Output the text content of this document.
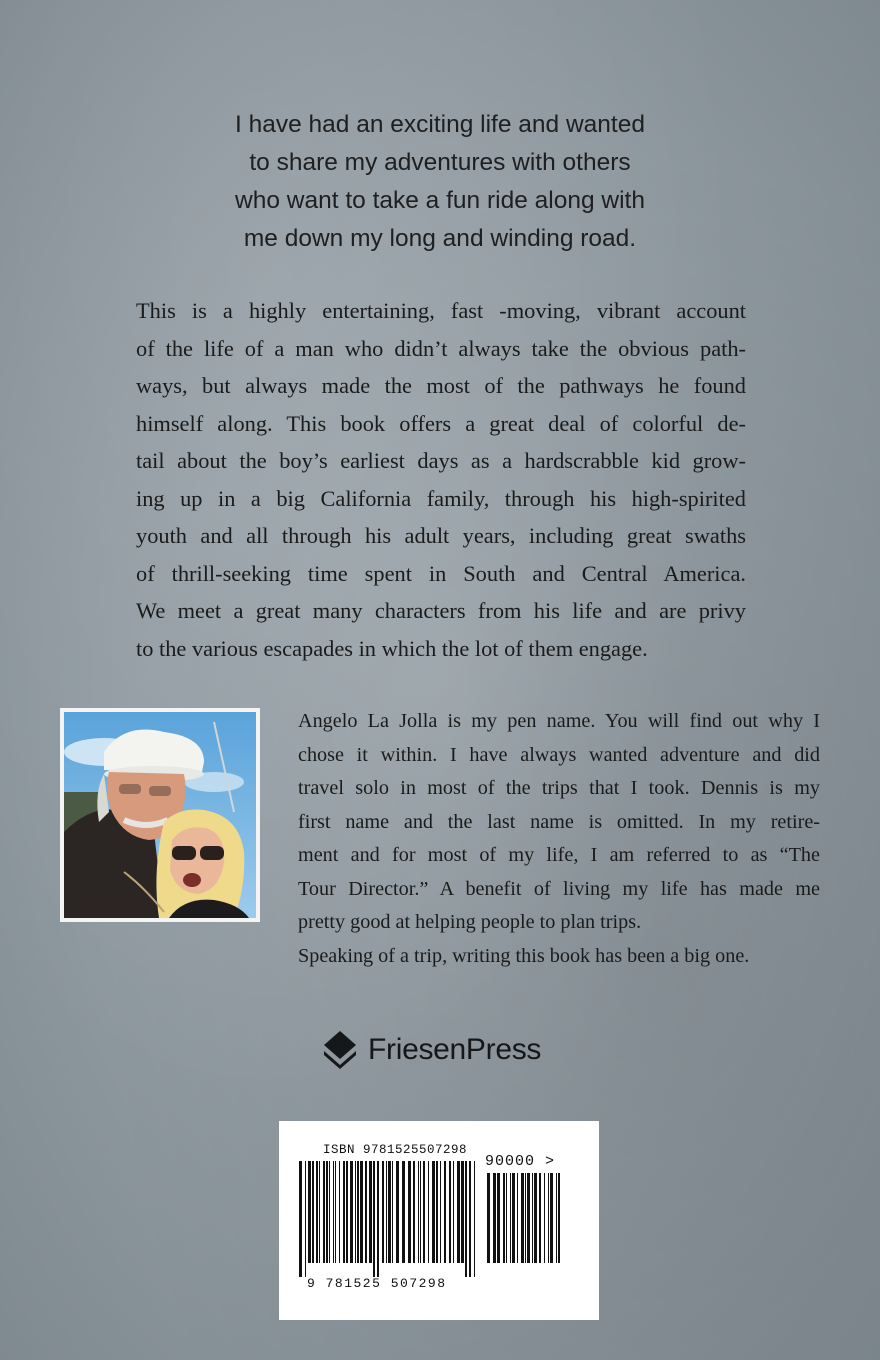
I have had an exciting life and wanted
to share my adventures with others
who want to take a fun ride along with
me down my long and winding road.

This is a highly entertaining, fast -moving, vibrant account
of the life of a man who didn’t always take the obvious path-
ways, but always made the most of the pathways he found
himself along. This book offers a great deal of colorful de-
tail about the boy’s earliest days as a hardscrabble kid grow-
ing up in a big California family, through his high-spirited
youth and all through his adult years, including great swaths
of thrill-seeking time spent in South and Central America.
We meet a great many characters from his life and are privy
to the various escapades in which the lot of them engage.

Angelo La Jolla is my pen name. You will find out why I
chose it within. I have always wanted adventure and did
travel solo in most of the trips that I took. Dennis is my
first name and the last name is omitted. In my retire-
ment and for most of my life, I am referred to as “The
Tour Director.” A benefit of living my life has made me
pretty good at helping people to plan trips.
Speaking of a trip, writing this book has been a big one.

FriesenPress
ISBN 9781525507298
90000 >
9 781525 507298
